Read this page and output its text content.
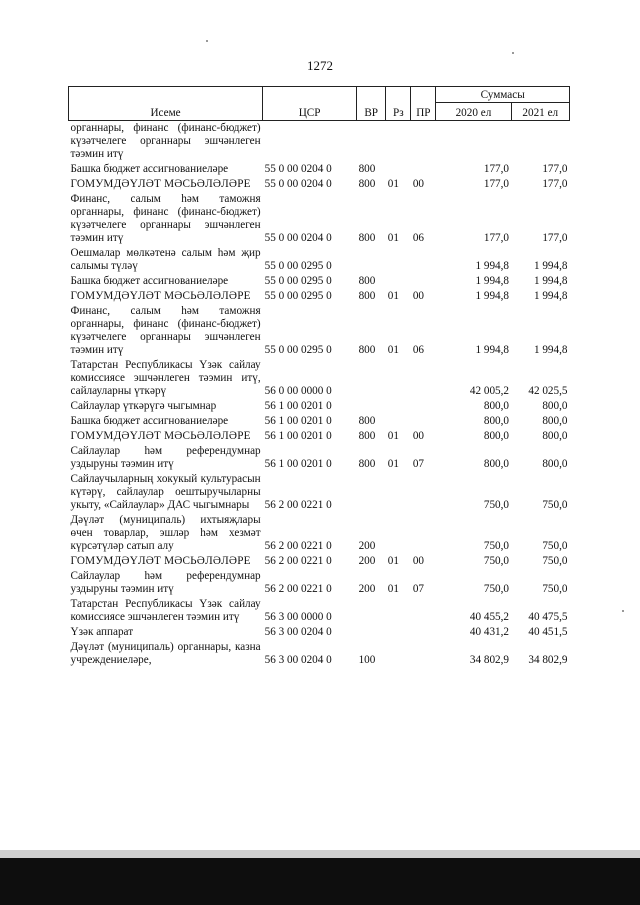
1272
Исеме	ЦСР	ВР	Рз	ПР	Суммасы	
					2020 ел	2021 ел
органнары, финанс (финанс-бюджет) күзәтчелеге органнары эшчәнлеген тәэмин итү						
Башка бюджет ассигнованиеләре	55 0 00 0204 0	800			177,0	177,0
ГОМУМДӘҮЛӘТ МӘСЬӘЛӘЛӘРЕ	55 0 00 0204 0	800	01	00	177,0	177,0
Финанс, салым һәм таможня органнары, финанс (финанс-бюджет) күзәтчелеге органнары эшчәнлеген тәэмин итү	55 0 00 0204 0	800	01	06	177,0	177,0
Оешмалар мөлкәтенә салым һәм җир салымы түләү	55 0 00 0295 0				1 994,8	1 994,8
Башка бюджет ассигнованиеләре	55 0 00 0295 0	800			1 994,8	1 994,8
ГОМУМДӘҮЛӘТ МӘСЬӘЛӘЛӘРЕ	55 0 00 0295 0	800	01	00	1 994,8	1 994,8
Финанс, салым һәм таможня органнары, финанс (финанс-бюджет) күзәтчелеге органнары эшчәнлеген тәэмин итү	55 0 00 0295 0	800	01	06	1 994,8	1 994,8
Татарстан Республикасы Үзәк сайлау комиссиясе эшчәнлеген тәэмин итү, сайлауларны үткәрү	56 0 00 0000 0				42 005,2	42 025,5
Сайлаулар үткәрүгә чыгымнар	56 1 00 0201 0				800,0	800,0
Башка бюджет ассигнованиеләре	56 1 00 0201 0	800			800,0	800,0
ГОМУМДӘҮЛӘТ МӘСЬӘЛӘЛӘРЕ	56 1 00 0201 0	800	01	00	800,0	800,0
Сайлаулар һәм референдумнар уздыруны тәэмин итү	56 1 00 0201 0	800	01	07	800,0	800,0
Сайлаучыларның хокукый культурасын күтәрү, сайлаулар оештыручыларны укыту, «Сайлаулар» ДАС чыгымнары	56 2 00 0221 0				750,0	750,0
Дәүләт (муниципаль) ихтыяҗлары өчен товарлар, эшләр һәм хезмәт күрсәтүләр сатып алу	56 2 00 0221 0	200			750,0	750,0
ГОМУМДӘҮЛӘТ МӘСЬӘЛӘЛӘРЕ	56 2 00 0221 0	200	01	00	750,0	750,0
Сайлаулар һәм референдумнар уздыруны тәэмин итү	56 2 00 0221 0	200	01	07	750,0	750,0
Татарстан Республикасы Үзәк сайлау комиссиясе эшчәнлеген тәэмин итү	56 3 00 0000 0				40 455,2	40 475,5
Үзәк аппарат	56 3 00 0204 0				40 431,2	40 451,5
Дәүләт (муниципаль) органнары, казна учреждениеләре,	56 3 00 0204 0	100			34 802,9	34 802,9
